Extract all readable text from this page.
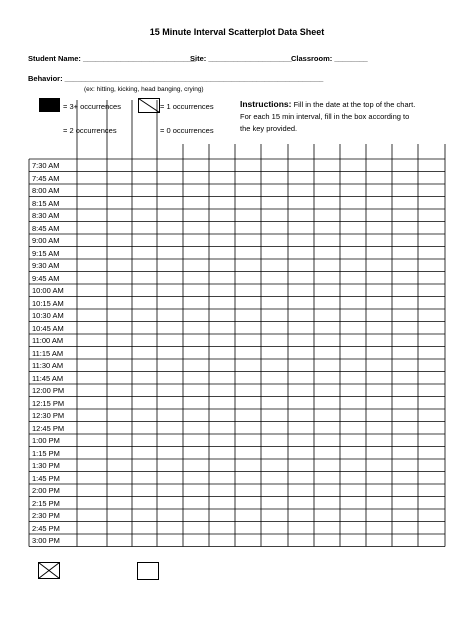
15 Minute Interval Scatterplot Data Sheet
Student Name: ___________________________
Site: ____________________ Classroom: ________
Behavior: ______________________________________________________________
(ex: hitting, kicking, head banging, crying)
= 3+ occurrences	= 1 occurrences
= 2 occurrences	= 0 occurrences
Instructions: Fill in the date at the top of the chart. For each 15 min interval, fill in the box according to the key provided.
7:30 AM
7:45 AM
8:00 AM
8:15 AM
8:30 AM
8:45 AM
9:00 AM
9:15 AM
9:30 AM
9:45 AM
10:00 AM
10:15 AM
10:30 AM
10:45 AM
11:00 AM
11:15 AM
11:30 AM
11:45 AM
12:00 PM
12:15 PM
12:30 PM
12:45 PM
1:00 PM
1:15 PM
1:30 PM
1:45 PM
2:00 PM
2:15 PM
2:30 PM
2:45 PM
3:00 PM
